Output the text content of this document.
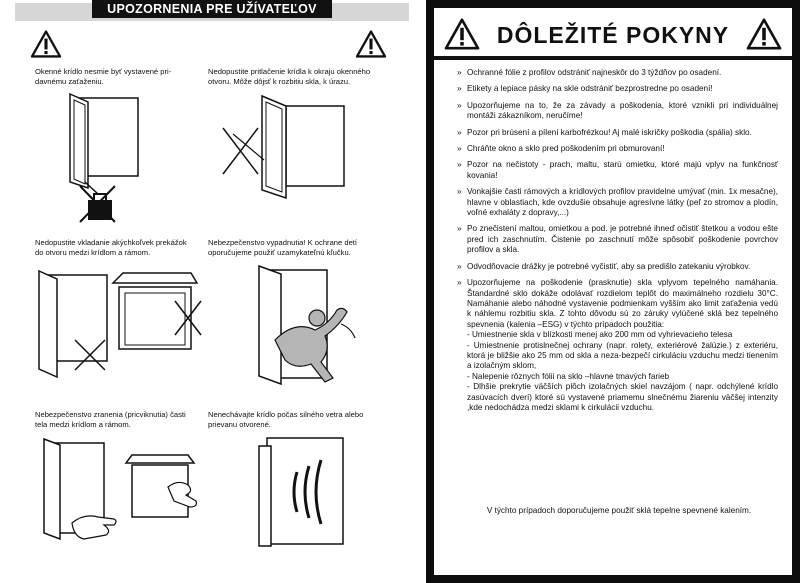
UPOZORNENIA PRE UŽÍVATEĽOV
Okenné krídlo nesmie byť vystavené pri-
davnému zaťaženiu.
Nedopustite pritlačenie krídla k okraju okenného
otvoru. Môže dôjsť k rozbitiu skla, k úrazu.
Nedopustite vkladanie akýchkoľvek prekážok
do otvoru medzi krídlom a rámom.
Nebezpečenstvo vypadnutia! K ochrane detí
oporučujeme použiť uzamykateľnú kľučku.
Nebezpečenstvo zranenia (pricviknutia) časti
tela medzi krídlom a rámom.
Nenechávajte krídlo počas silného vetra alebo
prievanu otvorené.
DÔLEŽITÉ POKYNY
» Ochranné fólie z profilov odstrániť najneskôr do 3 týždňov po osadení.
» Etikety a lepiace pásky na skle odstrániť bezprostredne po osadení!
» Upozorňujeme na to, že za závady a poškodenia, ktoré vznikli pri individuálnej montáži zákazníkom, neručíme!
» Pozor pri brúsení a pílení karbofrézkou! Aj malé iskričky poškodia (spália) sklo.
» Chráňte okno a sklo pred poškodením pri obmurovaní!
» Pozor na nečistoty - prach, maltu, starú omietku, ktoré majú vplyv na funkčnosť kovania!
» Vonkajšie časti rámových a krídlových profilov pravidelne umývať (min. 1x mesačne), hlavne v oblastiach, kde ovzdušie obsahuje agresívne látky (peľ zo stromov a plodín, voľné exhaláty z dopravy,...)
» Po znečistení maltou, omietkou a pod. je potrebné ihneď očistiť štetkou a vodou ešte pred ich zaschnutím. Čistenie po zaschnutí môže spôsobiť poškodenie povrchov profilov a skla.
» Odvodňovacie drážky je potrebné vyčistiť, aby sa predišlo zatekaniu výrobkov.
» Upozorňujeme na poškodenie (prasknutie) skla vplyvom tepelného namáhania. Štandardné sklo dokáže odolávať rozdielom teplôt do maximálneho rozdielu 30°C. Namáhanie alebo náhodné vystavenie podmienkam vyšším ako limit zaťaženia vedú k náhlemu rozbitiu skla. Z tohto dôvodu sú zo záruky vylúčené sklá bez tepelného spevnenia (kalenia –ESG) v týchto prípadoch použitia:
- Umiestnenie skla v blízkosti menej ako 200 mm od vyhrievacieho telesa
- Umiestnenie protislnečnej ochrany (napr. rolety, exteriérové žalúzie.) z exteriéru, ktorá je bližšie ako 25 mm od skla a neza-bezpečí cirkuláciu vzduchu medzi tienením a izolačným sklom,
- Nalepenie rôznych fólii na sklo –hlavne tmavých farieb
- Dlhšie prekrytie väčších plôch izolačných skiel navzájom ( napr. odchýlené krídlo zasúvacích dverí) ktoré sú vystavené priamemu slnečnému žiareniu väčšej intenzity ,kde nedochádza medzi sklami k cirkulácii vzduchu.
V týchto prípadoch doporučujeme použiť sklá tepelne spevnené kalením.
